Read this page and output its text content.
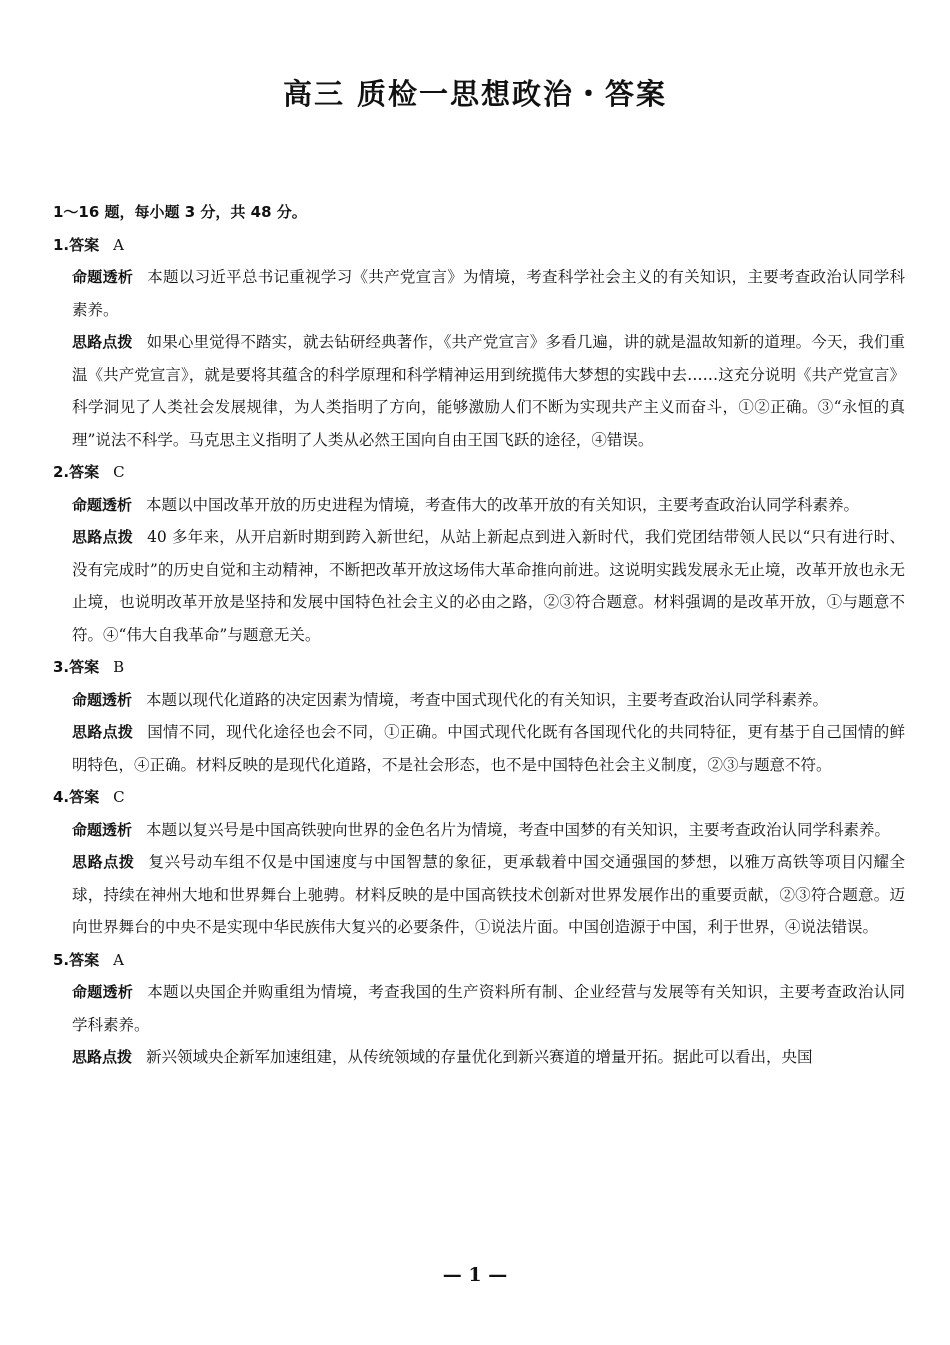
高三 质检一思想政治・答案

1～16 题，每小题 3 分，共 48 分。

1.答案 A

命题透析 本题以习近平总书记重视学习《共产党宣言》为情境，考查科学社会主义的有关知识，主要考查政治认同学科素养。

思路点拨 如果心里觉得不踏实，就去钻研经典著作，《共产党宣言》多看几遍，讲的就是温故知新的道理。今天，我们重温《共产党宣言》，就是要将其蕴含的科学原理和科学精神运用到统揽伟大梦想的实践中去……这充分说明《共产党宣言》科学洞见了人类社会发展规律，为人类指明了方向，能够激励人们不断为实现共产主义而奋斗，①②正确。③“永恒的真理”说法不科学。马克思主义指明了人类从必然王国向自由王国飞跃的途径，④错误。

2.答案 C

命题透析 本题以中国改革开放的历史进程为情境，考查伟大的改革开放的有关知识，主要考查政治认同学科素养。

思路点拨 40 多年来，从开启新时期到跨入新世纪，从站上新起点到进入新时代，我们党团结带领人民以“只有进行时、没有完成时”的历史自觉和主动精神，不断把改革开放这场伟大革命推向前进。这说明实践发展永无止境，改革开放也永无止境，也说明改革开放是坚持和发展中国特色社会主义的必由之路，②③符合题意。材料强调的是改革开放，①与题意不符。④“伟大自我革命”与题意无关。

3.答案 B

命题透析 本题以现代化道路的决定因素为情境，考查中国式现代化的有关知识，主要考查政治认同学科素养。

思路点拨 国情不同，现代化途径也会不同，①正确。中国式现代化既有各国现代化的共同特征，更有基于自己国情的鲜明特色，④正确。材料反映的是现代化道路，不是社会形态，也不是中国特色社会主义制度，②③与题意不符。

4.答案 C

命题透析 本题以复兴号是中国高铁驶向世界的金色名片为情境，考查中国梦的有关知识，主要考查政治认同学科素养。

思路点拨 复兴号动车组不仅是中国速度与中国智慧的象征，更承载着中国交通强国的梦想，以雅万高铁等项目闪耀全球，持续在神州大地和世界舞台上驰骋。材料反映的是中国高铁技术创新对世界发展作出的重要贡献，②③符合题意。迈向世界舞台的中央不是实现中华民族伟大复兴的必要条件，①说法片面。中国创造源于中国，利于世界，④说法错误。

5.答案 A

命题透析 本题以央国企并购重组为情境，考查我国的生产资料所有制、企业经营与发展等有关知识，主要考查政治认同学科素养。

思路点拨 新兴领域央企新军加速组建，从传统领域的存量优化到新兴赛道的增量开拓。据此可以看出，央国

— 1 —
